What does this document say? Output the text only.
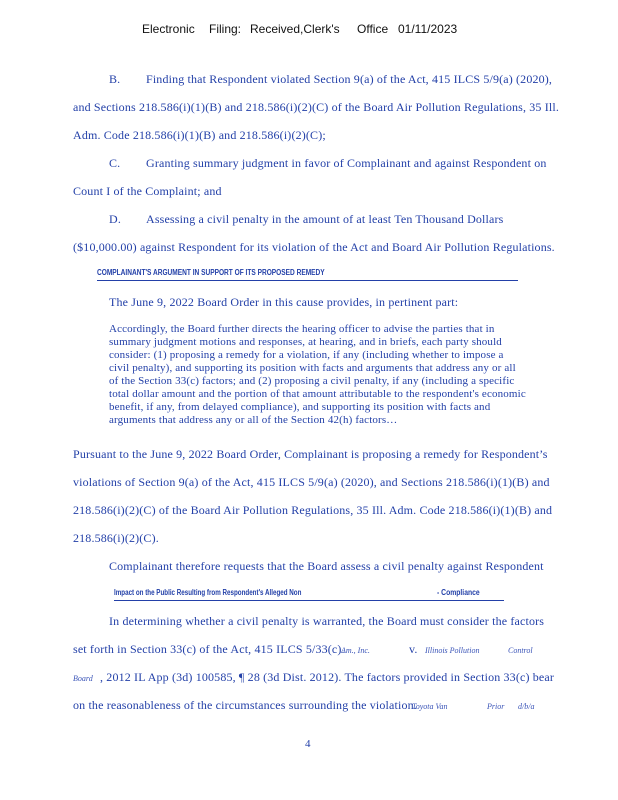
Electronic Filing: Received,Clerk's Office 01/11/2023
B. Finding that Respondent violated Section 9(a) of the Act, 415 ILCS 5/9(a) (2020),
and Sections 218.586(i)(1)(B) and 218.586(i)(2)(C) of the Board Air Pollution Regulations, 35 Ill.
Adm. Code 218.586(i)(1)(B) and 218.586(i)(2)(C);
C. Granting summary judgment in favor of Complainant and against Respondent on
Count I of the Complaint; and
D. Assessing a civil penalty in the amount of at least Ten Thousand Dollars
($10,000.00) against Respondent for its violation of the Act and Board Air Pollution Regulations.
COMPLAINANT'S ARGUMENT IN SUPPORT OF ITS PROPOSED REMEDY
The June 9, 2022 Board Order in this cause provides, in pertinent part:
Accordingly, the Board further directs the hearing officer to advise the parties that in
summary judgment motions and responses, at hearing, and in briefs, each party should
consider: (1) proposing a remedy for a violation, if any (including whether to impose a
civil penalty), and supporting its position with facts and arguments that address any or all
of the Section 33(c) factors; and (2) proposing a civil penalty, if any (including a specific
total dollar amount and the portion of that amount attributable to the respondent's economic
benefit, if any, from delayed compliance), and supporting its position with facts and
arguments that address any or all of the Section 42(h) factors…
Pursuant to the June 9, 2022 Board Order, Complainant is proposing a remedy for Respondent’s
violations of Section 9(a) of the Act, 415 ILCS 5/9(a) (2020), and Sections 218.586(i)(1)(B) and
218.586(i)(2)(C) of the Board Air Pollution Regulations, 35 Ill. Adm. Code 218.586(i)(1)(B) and
218.586(i)(2)(C).
Complainant therefore requests that the Board assess a civil penalty against Respondent
Impact on the Public Resulting from Respondent's Alleged Non	- Compliance
In determining whether a civil penalty is warranted, the Board must consider the factors
set forth in Section 33(c) of the Act, 415 ILCS 5/33(c).
Am., Inc.	v. Illinois Pollution	Control
Board , 2012 IL App (3d) 100585, ¶ 28 (3d Dist. 2012). The factors provided in Section 33(c) bear
on the reasonableness of the circumstances surrounding the violation.
Toyota Van	Prior d/b/a
4
